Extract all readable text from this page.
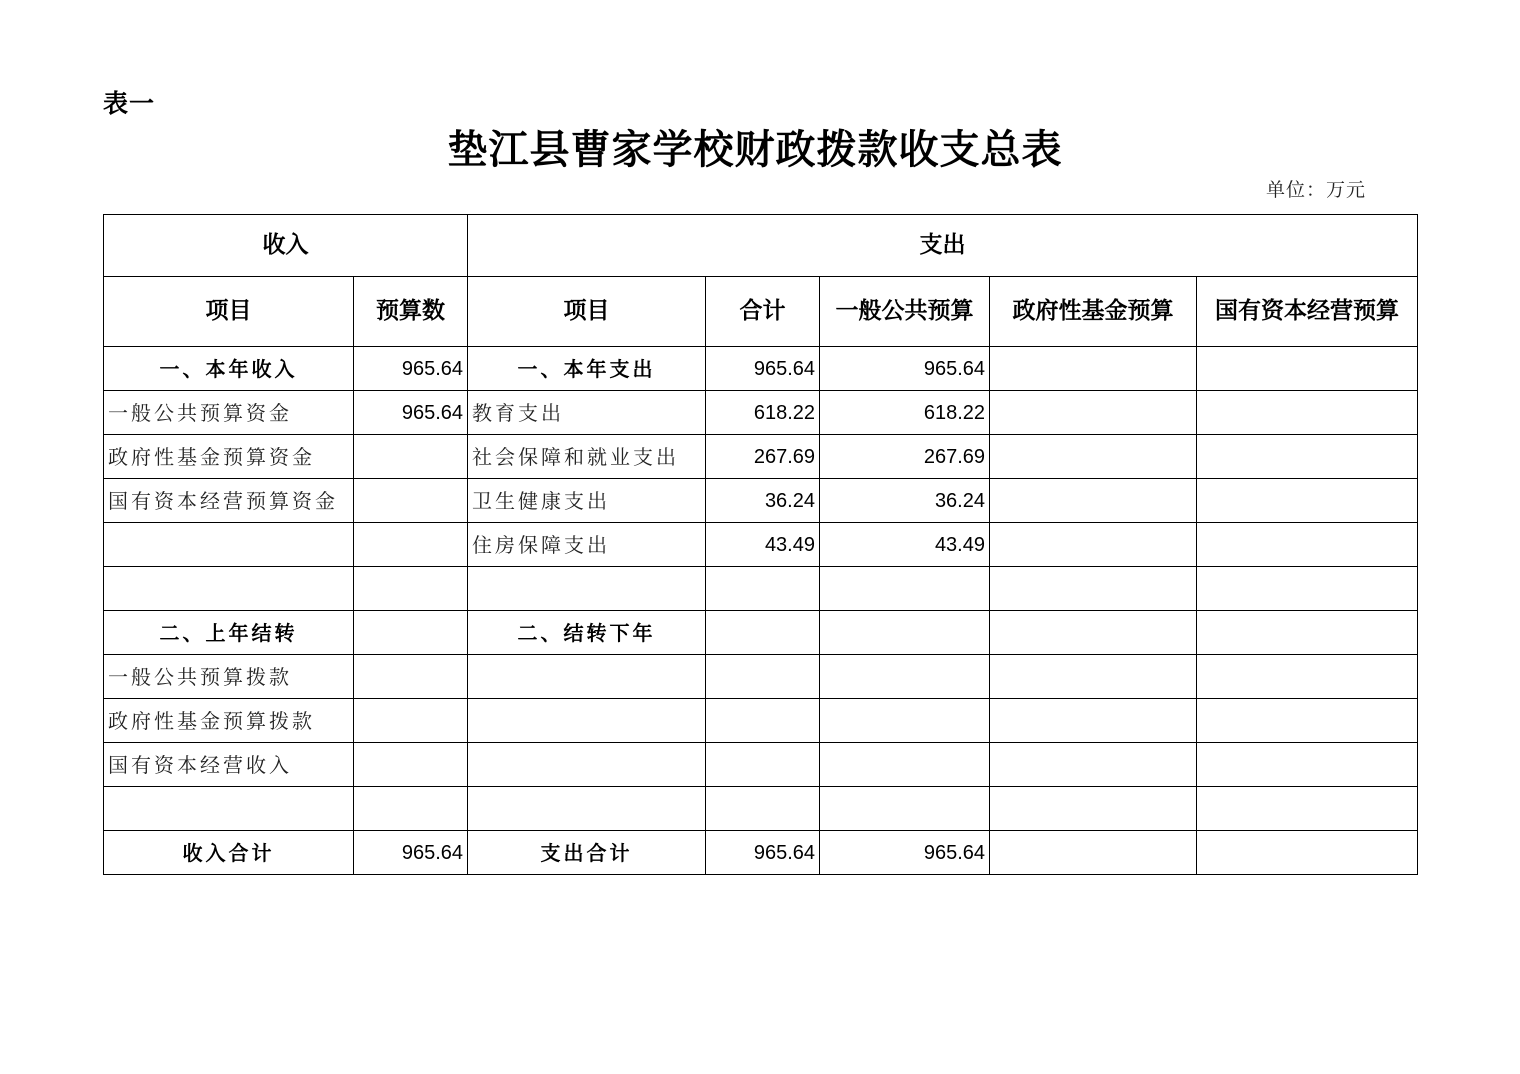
表一
垫江县曹家学校财政拨款收支总表
单位：万元
收入		支出				
项目	预算数	项目	合计	一般公共预算	政府性基金预算	国有资本经营预算
一、本年收入	965.64	一、本年支出	965.64	965.64		
一般公共预算资金	965.64	教育支出	618.22	618.22		
政府性基金预算资金		社会保障和就业支出	267.69	267.69		
国有资本经营预算资金		卫生健康支出	36.24	36.24		
		住房保障支出	43.49	43.49		

二、上年结转		二、结转下年				
一般公共预算拨款						
政府性基金预算拨款						
国有资本经营收入						

收入合计	965.64	支出合计	965.64	965.64		
